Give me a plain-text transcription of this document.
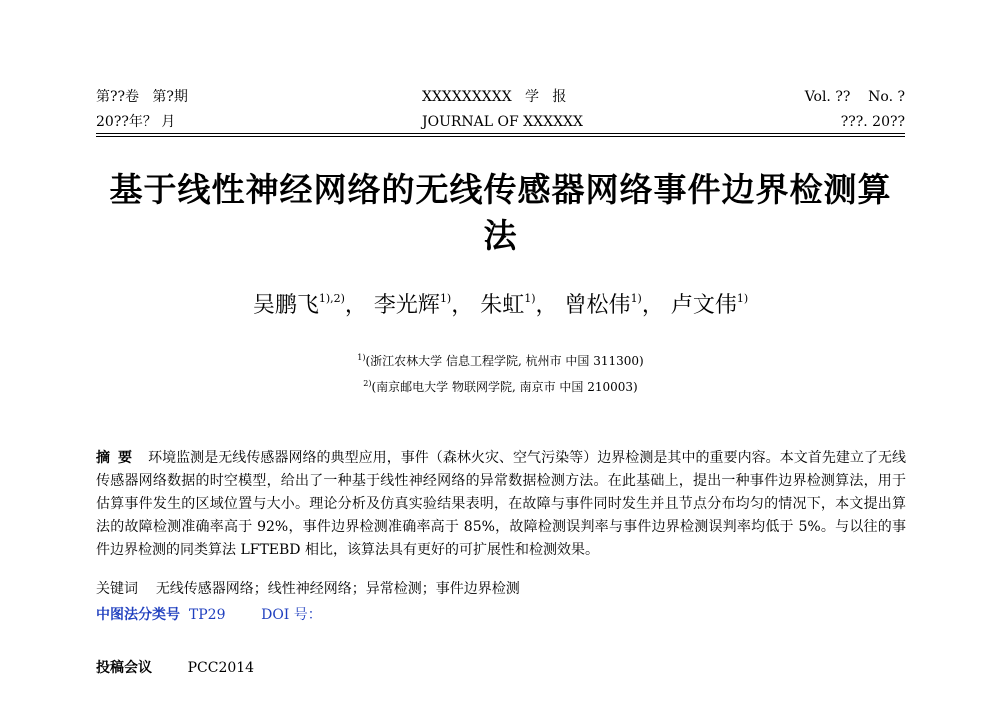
第??卷   第?期	XXXXXXXXX   学   报	Vol. ??    No. ?
20??年？ 月	JOURNAL OF XXXXXX	???. 20??
基于线性神经网络的无线传感器网络事件边界检测算法
吴鹏飞$^{1),2)}$， 李光辉$^{1)}$， 朱虹$^{1)}$， 曾松伟$^{1)}$， 卢文伟$^{1)}$
$^{1)}$(浙江农林大学 信息工程学院, 杭州市 中国 311300)
$^{2)}$(南京邮电大学 物联网学院, 南京市 中国 210003)
摘要 环境监测是无线传感器网络的典型应用，事件（森林火灾、空气污染等）边界检测是其中的重要内容。本文首先建立了无线传感器网络数据的时空模型，给出了一种基于线性神经网络的异常数据检测方法。在此基础上，提出一种事件边界检测算法，用于估算事件发生的区域位置与大小。理论分析及仿真实验结果表明，在故障与事件同时发生并且节点分布均匀的情况下，本文提出算法的故障检测准确率高于 92%，事件边界检测准确率高于 85%，故障检测误判率与事件边界检测误判率均低于 5%。与以往的事件边界检测的同类算法 LFTEBD 相比，该算法具有更好的可扩展性和检测效果。
关键词 无线传感器网络；线性神经网络；异常检测；事件边界检测
中图法分类号 TP29	DOI 号：
投稿会议	PCC2014
